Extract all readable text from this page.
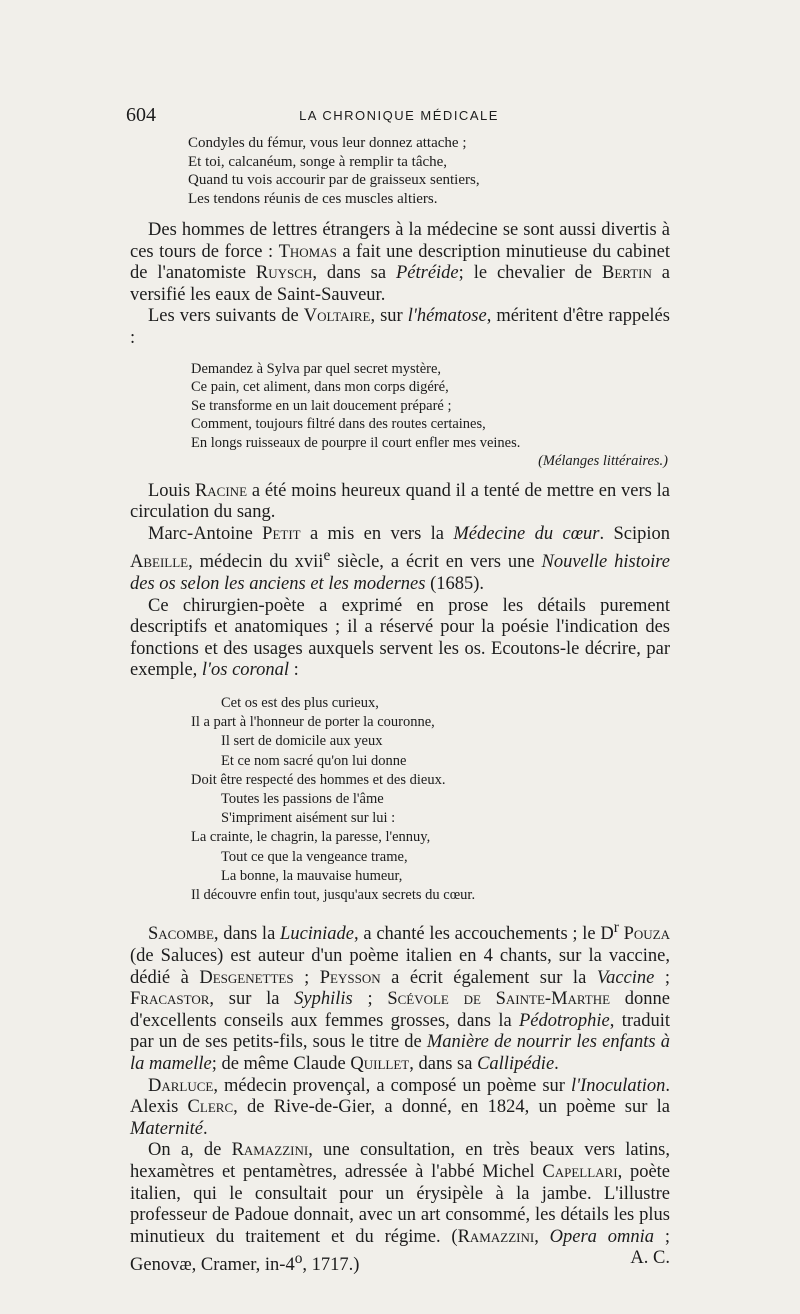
604	LA CHRONIQUE MÉDICALE
Condyles du fémur, vous leur donnez attache ;
Et toi, calcanéum, songe à remplir ta tâche,
Quand tu vois accourir par de graisseux sentiers,
Les tendons réunis de ces muscles altiers.

Des hommes de lettres étrangers à la médecine se sont aussi divertis à ces tours de force : Thomas a fait une description minutieuse du cabinet de l'anatomiste Ruysch, dans sa Pétréide; le chevalier de Bertin a versifié les eaux de Saint-Sauveur.

Les vers suivants de Voltaire, sur l'hématose, méritent d'être rappelés :

Demandez à Sylva par quel secret mystère,
Ce pain, cet aliment, dans mon corps digéré,
Se transforme en un lait doucement préparé ;
Comment, toujours filtré dans des routes certaines,
En longs ruisseaux de pourpre il court enfler mes veines.
(Mélanges littéraires.)

Louis Racine a été moins heureux quand il a tenté de mettre en vers la circulation du sang.

Marc-Antoine Petit a mis en vers la Médecine du cœur. Scipion Abeille, médecin du xvii$^e$ siècle, a écrit en vers une Nouvelle histoire des os selon les anciens et les modernes (1685).

Ce chirurgien-poète a exprimé en prose les détails purement descriptifs et anatomiques ; il a réservé pour la poésie l'indication des fonctions et des usages auxquels servent les os. Ecoutons-le décrire, par exemple, l'os coronal :

Cet os est des plus curieux,
Il a part à l'honneur de porter la couronne,
Il sert de domicile aux yeux
Et ce nom sacré qu'on lui donne
Doit être respecté des hommes et des dieux.
Toutes les passions de l'âme
S'impriment aisément sur lui :
La crainte, le chagrin, la paresse, l'ennuy,
Tout ce que la vengeance trame,
La bonne, la mauvaise humeur,
Il découvre enfin tout, jusqu'aux secrets du cœur.

Sacombe, dans la Luciniade, a chanté les accouchements ; le $D^r$ Pouza (de Saluces) est auteur d'un poème italien en 4 chants, sur la vaccine, dédié à Desgenettes ; Peysson a écrit également sur la Vaccine ; Fracastor, sur la Syphilis ; Scévole de Sainte-Marthe donne d'excellents conseils aux femmes grosses, dans la Pédotrophie, traduit par un de ses petits-fils, sous le titre de Manière de nourrir les enfants à la mamelle; de même Claude Quillet, dans sa Callipédie.

Darluce, médecin provençal, a composé un poème sur l'Inoculation. Alexis Clerc, de Rive-de-Gier, a donné, en 1824, un poème sur la Maternité.

On a, de Ramazzini, une consultation, en très beaux vers latins, hexamètres et pentamètres, adressée à l'abbé Michel Capellari, poète italien, qui le consultait pour un érysipèle à la jambe. L'illustre professeur de Padoue donnait, avec un art consommé, les détails les plus minutieux du traitement et du régime. (Ramazzini, Opera omnia ; Genovæ, Cramer, in-4$^o$, 1717.)	A. C.
